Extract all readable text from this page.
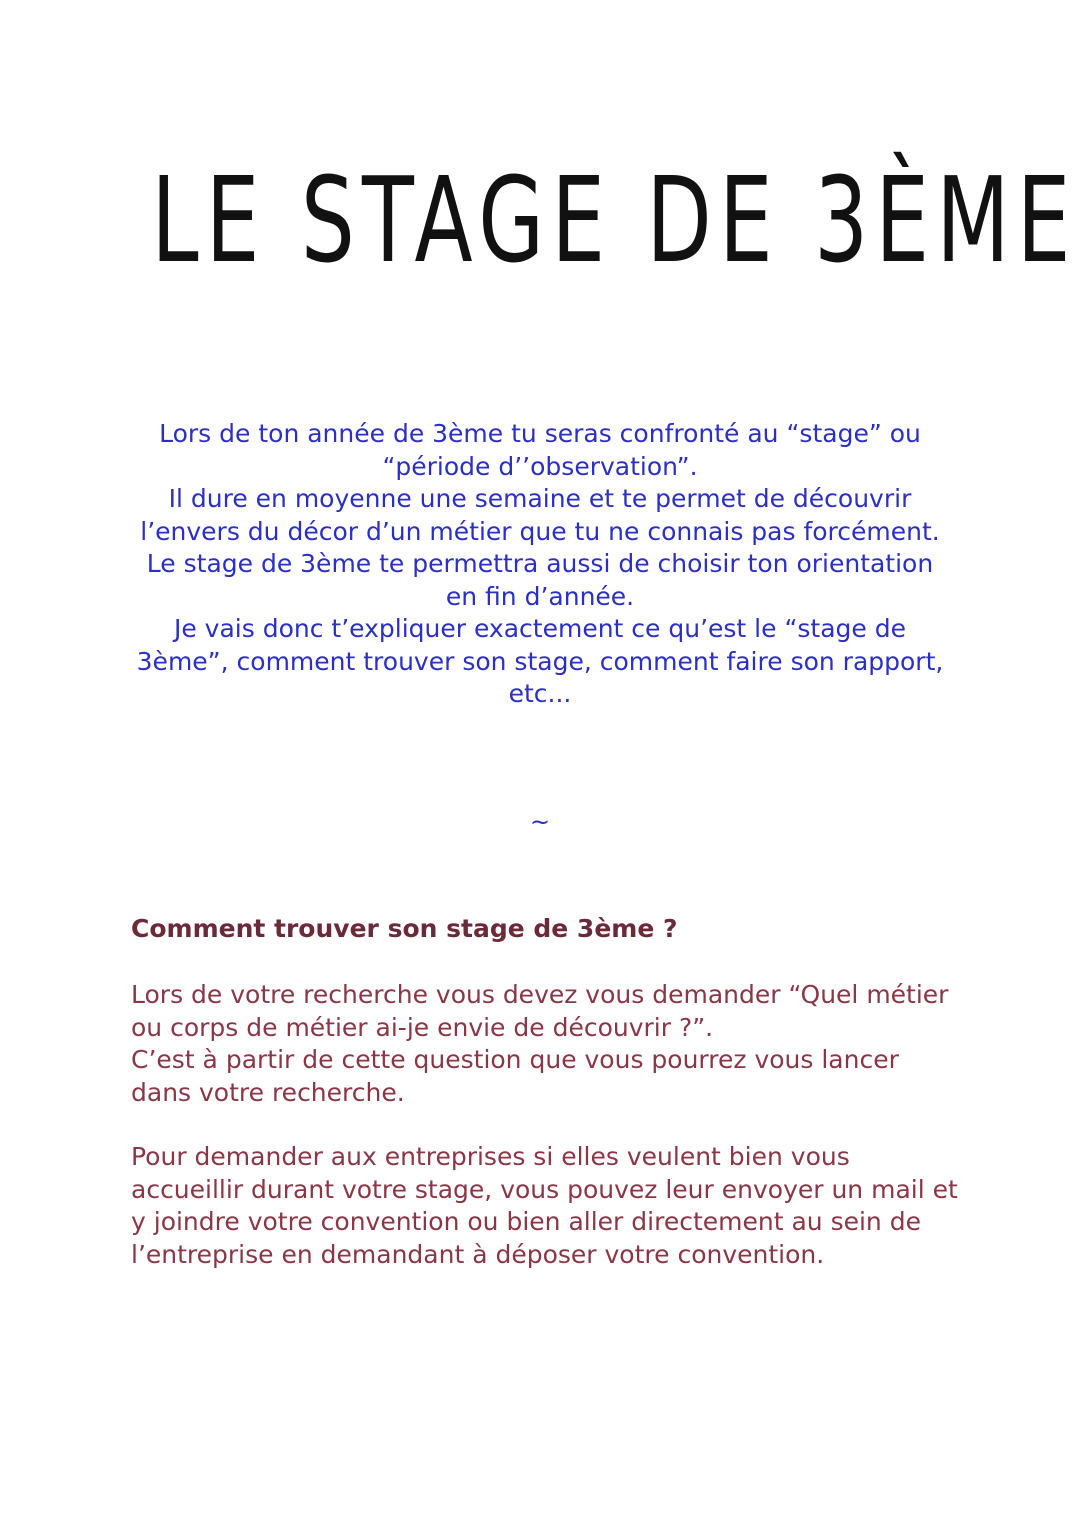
LE STAGE DE 3ÈME

Lors de ton année de 3ème tu seras confronté au “stage” ou “période d’’observation”.

Il dure en moyenne une semaine et te permet de découvrir l’envers du décor d’un métier que tu ne connais pas forcément.

Le stage de 3ème te permettra aussi de choisir ton orientation en fin d’année.

Je vais donc t’expliquer exactement ce qu’est le “stage de 3ème”, comment trouver son stage, comment faire son rapport, etc...

~
Comment trouver son stage de 3ème ?

Lors de votre recherche vous devez vous demander “Quel métier ou corps de métier ai-je envie de découvrir ?”.

C’est à partir de cette question que vous pourrez vous lancer dans votre recherche.

Pour demander aux entreprises si elles veulent bien vous accueillir durant votre stage, vous pouvez leur envoyer un mail et y joindre votre convention ou bien aller directement au sein de l’entreprise en demandant à déposer votre convention.
